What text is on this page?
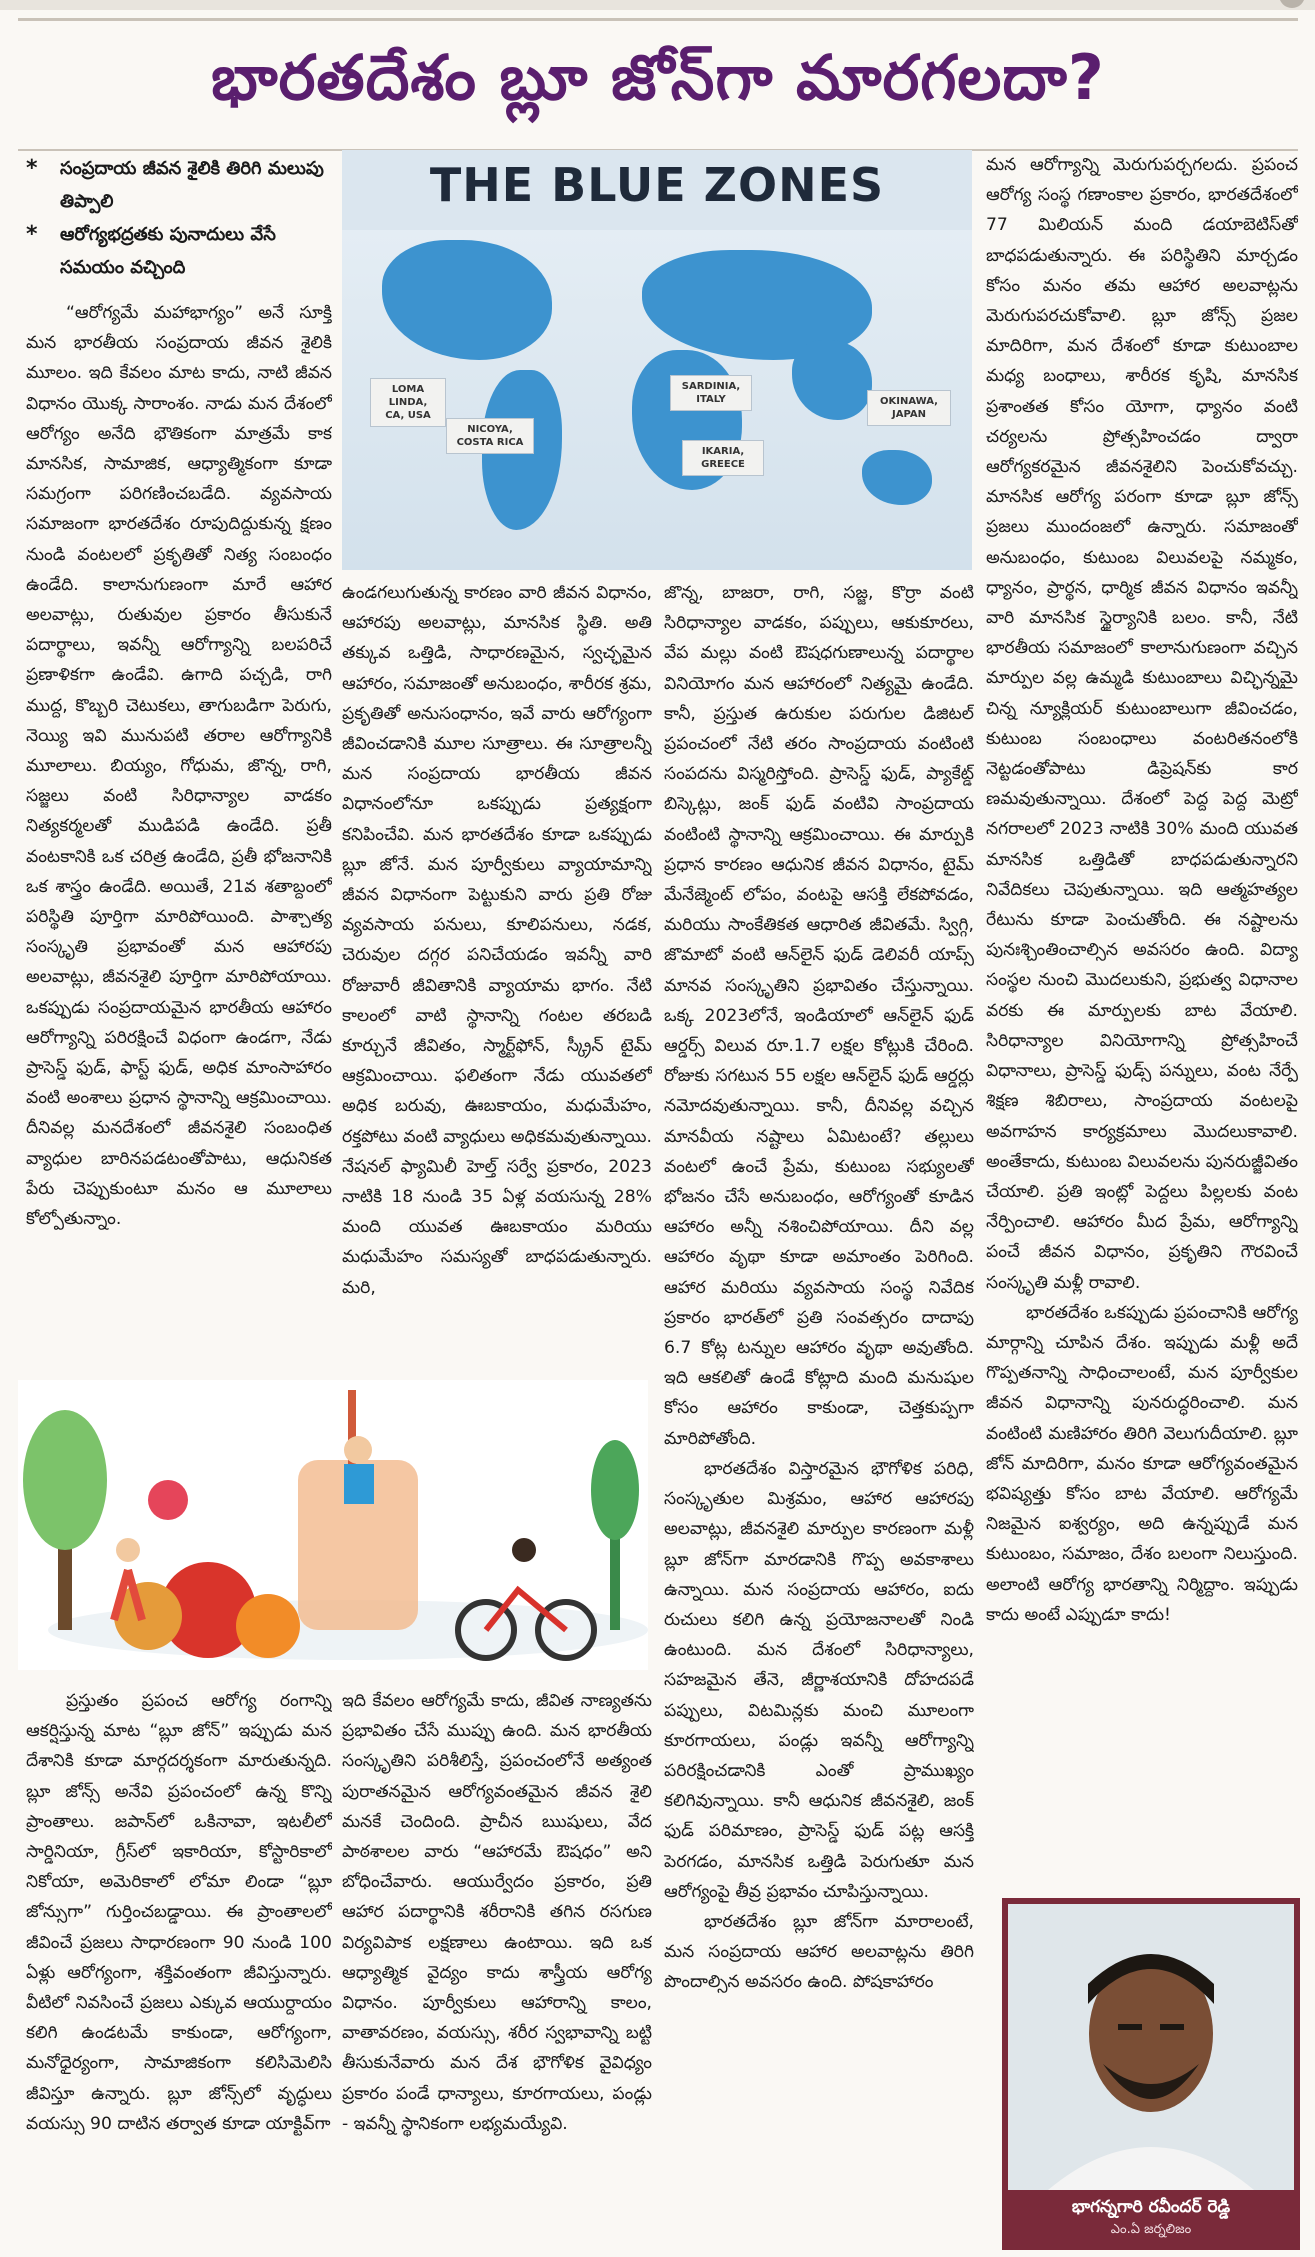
భారతదేశం బ్లూ జోన్‌గా మారగలదా?
*	సంప్రదాయ జీవన శైలికి తిరిగి మలుపు తిప్పాలి
*	ఆరోగ్యభద్రతకు పునాదులు వేసే సమయం వచ్చింది

“ఆరోగ్యమే మహాభాగ్యం” అనే సూక్తి మన భారతీయ సంప్రదాయ జీవన శైలికి మూలం. ఇది కేవలం మాట కాదు, నాటి జీవన విధానం యొక్క సారాంశం. నాడు మన దేశంలో ఆరోగ్యం అనేది భౌతికంగా మాత్రమే కాక మానసిక, సామాజిక, ఆధ్యాత్మికంగా కూడా సమగ్రంగా పరిగణించబడేది. వ్యవసాయ సమాజంగా భారతదేశం రూపుదిద్దుకున్న క్షణం నుండి వంటలలో ప్రకృతితో నిత్య సంబంధం ఉండేది. కాలానుగుణంగా మారే ఆహార అలవాట్లు, రుతువుల ప్రకారం తీసుకునే పదార్థాలు, ఇవన్నీ ఆరోగ్యాన్ని బలపరిచే ప్రణాళికగా ఉండేవి. ఉగాది పచ్చడి, రాగి ముద్ద, కొబ్బరి చెటుకలు, తాగుబడిగా పెరుగు, నెయ్యి ఇవి మునుపటి తరాల ఆరోగ్యానికి మూలాలు. బియ్యం, గోధుమ, జొన్న, రాగి, సజ్జలు వంటి సిరిధాన్యాల వాడకం నిత్యకర్మలతో ముడిపడి ఉండేది. ప్రతీ వంటకానికి ఒక చరిత్ర ఉండేది, ప్రతీ భోజనానికి ఒక శాస్త్రం ఉండేది. అయితే, 21వ శతాబ్దంలో పరిస్థితి పూర్తిగా మారిపోయింది. పాశ్చాత్య సంస్కృతి ప్రభావంతో మన ఆహారపు అలవాట్లు, జీవనశైలి పూర్తిగా మారిపోయాయి. ఒకప్పుడు సంప్రదాయమైన భారతీయ ఆహారం ఆరోగ్యాన్ని పరిరక్షించే విధంగా ఉండగా, నేడు ప్రాసెస్డ్ ఫుడ్, ఫాస్ట్ ఫుడ్, అధిక మాంసాహారం వంటి అంశాలు ప్రధాన స్థానాన్ని ఆక్రమించాయి. దీనివల్ల మనదేశంలో జీవనశైలి సంబంధిత వ్యాధుల బారినపడటంతోపాటు, ఆధునికత పేరు చెప్పుకుంటూ మనం ఆ మూలాలు కోల్పోతున్నాం.

THE BLUE ZONES
LOMA LINDA,
CA, USA
NICOYA,
COSTA RICA
SARDINIA,
ITALY
IKARIA,
GREECE
OKINAWA,
JAPAN

ఉండగలుగుతున్న కారణం వారి జీవన విధానం, ఆహారపు అలవాట్లు, మానసిక స్థితి. అతి తక్కువ ఒత్తిడి, సాధారణమైన, స్వచ్ఛమైన ఆహారం, సమాజంతో అనుబంధం, శారీరక శ్రమ, ప్రకృతితో అనుసంధానం, ఇవే వారు ఆరోగ్యంగా జీవించడానికి మూల సూత్రాలు. ఈ సూత్రాలన్నీ మన సంప్రదాయ భారతీయ జీవన విధానంలోనూ ఒకప్పుడు ప్రత్యక్షంగా కనిపించేవి. మన భారతదేశం కూడా ఒకప్పుడు బ్లూ జోనే. మన పూర్వీకులు వ్యాయామాన్ని జీవన విధానంగా పెట్టుకుని వారు ప్రతి రోజు వ్యవసాయ పనులు, కూలిపనులు, నడక, చెరువుల దగ్గర పనిచేయడం ఇవన్నీ వారి రోజువారీ జీవితానికి వ్యాయామ భాగం. నేటి కాలంలో వాటి స్థానాన్ని గంటల తరబడి కూర్చునే జీవితం, స్మార్ట్‌ఫోన్, స్క్రీన్ టైమ్ ఆక్రమించాయి. ఫలితంగా నేడు యువతలో అధిక బరువు, ఊబకాయం, మధుమేహం, రక్తపోటు వంటి వ్యాధులు అధికమవుతున్నాయి. నేషనల్ ఫ్యామిలీ హెల్త్ సర్వే ప్రకారం, 2023 నాటికి 18 నుండి 35 ఏళ్ల వయసున్న 28% మంది యువత ఊబకాయం మరియు మధుమేహం సమస్యతో బాధపడుతున్నారు. మరి,

జొన్న, బాజరా, రాగి, సజ్జ, కొర్రా వంటి సిరిధాన్యాల వాడకం, పప్పులు, ఆకుకూరలు, వేప మల్లు వంటి ఔషధగుణాలున్న పదార్థాల వినియోగం మన ఆహారంలో నిత్యమై ఉండేది. కానీ, ప్రస్తుత ఉరుకుల పరుగుల డిజిటల్ ప్రపంచంలో నేటి తరం సాంప్రదాయ వంటింటి సంపదను విస్మరిస్తోంది. ప్రాసెస్డ్ ఫుడ్, ప్యాకేట్డ్ బిస్కెట్లు, జంక్ ఫుడ్ వంటివి సాంప్రదాయ వంటింటి స్థానాన్ని ఆక్రమించాయి. ఈ మార్పుకి ప్రధాన కారణం ఆధునిక జీవన విధానం, టైమ్ మేనేజ్మెంట్ లోపం, వంటపై ఆసక్తి లేకపోవడం, మరియు సాంకేతికత ఆధారిత జీవితమే. స్విగ్గి, జొమాటో వంటి ఆన్‌లైన్ ఫుడ్ డెలివరీ యాప్స్ మానవ సంస్కృతిని ప్రభావితం చేస్తున్నాయి. ఒక్క 2023లోనే, ఇండియాలో ఆన్‌లైన్ ఫుడ్ ఆర్డర్స్ విలువ రూ.1.7 లక్షల కోట్లుకి చేరింది. రోజుకు సగటున 55 లక్షల ఆన్‌లైన్ ఫుడ్ ఆర్డర్లు నమోదవుతున్నాయి. కానీ, దీనివల్ల వచ్చిన మానవీయ నష్టాలు ఏమిటంటే? తల్లులు వంటలో ఉంచే ప్రేమ, కుటుంబ సభ్యులతో భోజనం చేసే అనుబంధం, ఆరోగ్యంతో కూడిన ఆహారం అన్నీ నశించిపోయాయి. దీని వల్ల ఆహారం వృథా కూడా అమాంతం పెరిగింది. ఆహార మరియు వ్యవసాయ సంస్థ నివేదిక ప్రకారం భారత్‌లో ప్రతి సంవత్సరం దాదాపు 6.7 కోట్ల టన్నుల ఆహారం వృథా అవుతోంది. ఇది ఆకలితో ఉండే కోట్లాది మంది మనుషుల కోసం ఆహారం కాకుండా, చెత్తకుప్పగా మారిపోతోంది.

భారతదేశం విస్తారమైన భౌగోళిక పరిధి, సంస్కృతుల మిశ్రమం, ఆహార ఆహారపు అలవాట్లు, జీవనశైలి మార్పుల కారణంగా మళ్లీ బ్లూ జోన్‌గా మారడానికి గొప్ప అవకాశాలు ఉన్నాయి. మన సంప్రదాయ ఆహారం, ఐదు రుచులు కలిగి ఉన్న ప్రయోజనాలతో నిండి ఉంటుంది. మన దేశంలో సిరిధాన్యాలు, సహజమైన తేనె, జీర్ణాశయానికి దోహదపడే పప్పులు, విటమిన్లకు మంచి మూలంగా కూరగాయలు, పండ్లు ఇవన్నీ ఆరోగ్యాన్ని పరిరక్షించడానికి ఎంతో ప్రాముఖ్యం కలిగివున్నాయి. కానీ ఆధునిక జీవనశైలి, జంక్ ఫుడ్ పరిమాణం, ప్రాసెస్డ్ ఫుడ్ పట్ల ఆసక్తి పెరగడం, మానసిక ఒత్తిడి పెరుగుతూ మన ఆరోగ్యంపై తీవ్ర ప్రభావం చూపిస్తున్నాయి.

భారతదేశం బ్లూ జోన్‌గా మారాలంటే, మన సంప్రదాయ ఆహార అలవాట్లను తిరిగి పొందాల్సిన అవసరం ఉంది. పోషకాహారం

మన ఆరోగ్యాన్ని మెరుగుపర్చగలదు. ప్రపంచ ఆరోగ్య సంస్థ గణాంకాల ప్రకారం, భారతదేశంలో 77 మిలియన్ మంది డయాబెటిస్‌తో బాధపడుతున్నారు. ఈ పరిస్థితిని మార్చడం కోసం మనం తమ ఆహార అలవాట్లను మెరుగుపరచుకోవాలి. బ్లూ జోన్స్ ప్రజల మాదిరిగా, మన దేశంలో కూడా కుటుంబాల మధ్య బంధాలు, శారీరక కృషి, మానసిక ప్రశాంతత కోసం యోగా, ధ్యానం వంటి చర్యలను ప్రోత్సహించడం ద్వారా ఆరోగ్యకరమైన జీవనశైలిని పెంచుకోవచ్చు. మానసిక ఆరోగ్య పరంగా కూడా బ్లూ జోన్స్ ప్రజలు ముందంజలో ఉన్నారు. సమాజంతో అనుబంధం, కుటుంబ విలువలపై నమ్మకం, ధ్యానం, ప్రార్థన, ధార్మిక జీవన విధానం ఇవన్నీ వారి మానసిక స్థైర్యానికి బలం. కానీ, నేటి భారతీయ సమాజంలో కాలానుగుణంగా వచ్చిన మార్పుల వల్ల ఉమ్మడి కుటుంబాలు విచ్ఛిన్నమై చిన్న న్యూక్లియర్ కుటుంబాలుగా జీవించడం, కుటుంబ సంబంధాలు వంటరితనంలోకి నెట్టడంతోపాటు డిప్రెషన్‌కు కార ణమవుతున్నాయి. దేశంలో పెద్ద పెద్ద మెట్రో నగరాలలో 2023 నాటికి 30% మంది యువత మానసిక ఒత్తిడితో బాధపడుతున్నారని నివేదికలు చెపుతున్నాయి. ఇది ఆత్మహత్యల రేటును కూడా పెంచుతోంది. ఈ నష్టాలను పునఃశ్చింతించాల్సిన అవసరం ఉంది. విద్యా సంస్థల నుంచి మొదలుకుని, ప్రభుత్వ విధానాల వరకు ఈ మార్పులకు బాట వేయాలి. సిరిధాన్యాల వినియోగాన్ని ప్రోత్సహించే విధానాలు, ప్రాసెస్డ్ ఫుడ్స్ పన్నులు, వంట నేర్పే శిక్షణ శిబిరాలు, సాంప్రదాయ వంటలపై అవగాహన కార్యక్రమాలు మొదలుకావాలి. అంతేకాదు, కుటుంబ విలువలను పునరుజ్జీవితం చేయాలి. ప్రతి ఇంట్లో పెద్దలు పిల్లలకు వంట నేర్పించాలి. ఆహారం మీద ప్రేమ, ఆరోగ్యాన్ని పంచే జీవన విధానం, ప్రకృతిని గౌరవించే సంస్కృతి మళ్లీ రావాలి.

భారతదేశం ఒకప్పుడు ప్రపంచానికి ఆరోగ్య మార్గాన్ని చూపిన దేశం. ఇప్పుడు మళ్లీ అదే గొప్పతనాన్ని సాధించాలంటే, మన పూర్వీకుల జీవన విధానాన్ని పునరుద్ధరించాలి. మన వంటింటి మణిహారం తిరిగి వెలుగుదీయాలి. బ్లూ జోన్ మాదిరిగా, మనం కూడా ఆరోగ్యవంతమైన భవిష్యత్తు కోసం బాట వేయాలి. ఆరోగ్యమే నిజమైన ఐశ్వర్యం, అది ఉన్నప్పుడే మన కుటుంబం, సమాజం, దేశం బలంగా నిలుస్తుంది. అలాంటి ఆరోగ్య భారతాన్ని నిర్మిద్దాం. ఇప్పుడు కాదు అంటే ఎప్పుడూ కాదు!

ప్రస్తుతం ప్రపంచ ఆరోగ్య రంగాన్ని ఆకర్షిస్తున్న మాట “బ్లూ జోన్” ఇప్పుడు మన దేశానికి కూడా మార్గదర్శకంగా మారుతున్నది. బ్లూ జోన్స్ అనేవి ప్రపంచంలో ఉన్న కొన్ని ప్రాంతాలు. జపాన్‌లో ఒకినావా, ఇటలీలో సార్డినియా, గ్రీస్‌లో ఇకారియా, కోస్టారికాలో నికోయా, అమెరికాలో లోమా లిండా “బ్లూ జోన్సుగా” గుర్తించబడ్డాయి. ఈ ప్రాంతాలలో జీవించే ప్రజలు సాధారణంగా 90 నుండి 100 ఏళ్లు ఆరోగ్యంగా, శక్తివంతంగా జీవిస్తున్నారు. వీటిలో నివసించే ప్రజలు ఎక్కువ ఆయుర్దాయం కలిగి ఉండటమే కాకుండా, ఆరోగ్యంగా, మనోధైర్యంగా, సామాజికంగా కలిసిమెలిసి జీవిస్తూ ఉన్నారు. బ్లూ జోన్స్‌లో వృద్ధులు వయస్సు 90 దాటిన తర్వాత కూడా యాక్టివ్‌గా

ఇది కేవలం ఆరోగ్యమే కాదు, జీవిత నాణ్యతను ప్రభావితం చేసే ముప్పు ఉంది. మన భారతీయ సంస్కృతిని పరిశీలిస్తే, ప్రపంచంలోనే అత్యంత పురాతనమైన ఆరోగ్యవంతమైన జీవన శైలి మనకే చెందింది. ప్రాచీన ఋషులు, వేద పాఠశాలల వారు “ఆహారమే ఔషధం” అని బోధించేవారు. ఆయుర్వేదం ప్రకారం, ప్రతి ఆహార పదార్థానికి శరీరానికి తగిన రసగుణ విర్యవిపాక లక్షణాలు ఉంటాయి. ఇది ఒక ఆధ్యాత్మిక వైద్యం కాదు శాస్త్రీయ ఆరోగ్య విధానం. పూర్వీకులు ఆహారాన్ని కాలం, వాతావరణం, వయస్సు, శరీర స్వభావాన్ని బట్టి తీసుకునేవారు మన దేశ భౌగోళిక వైవిధ్యం ప్రకారం పండే ధాన్యాలు, కూరగాయలు, పండ్లు - ఇవన్నీ స్థానికంగా లభ్యమయ్యేవి.

భాగన్నగారి రవీందర్ రెడ్డి
ఎం.ఏ జర్నలిజం
